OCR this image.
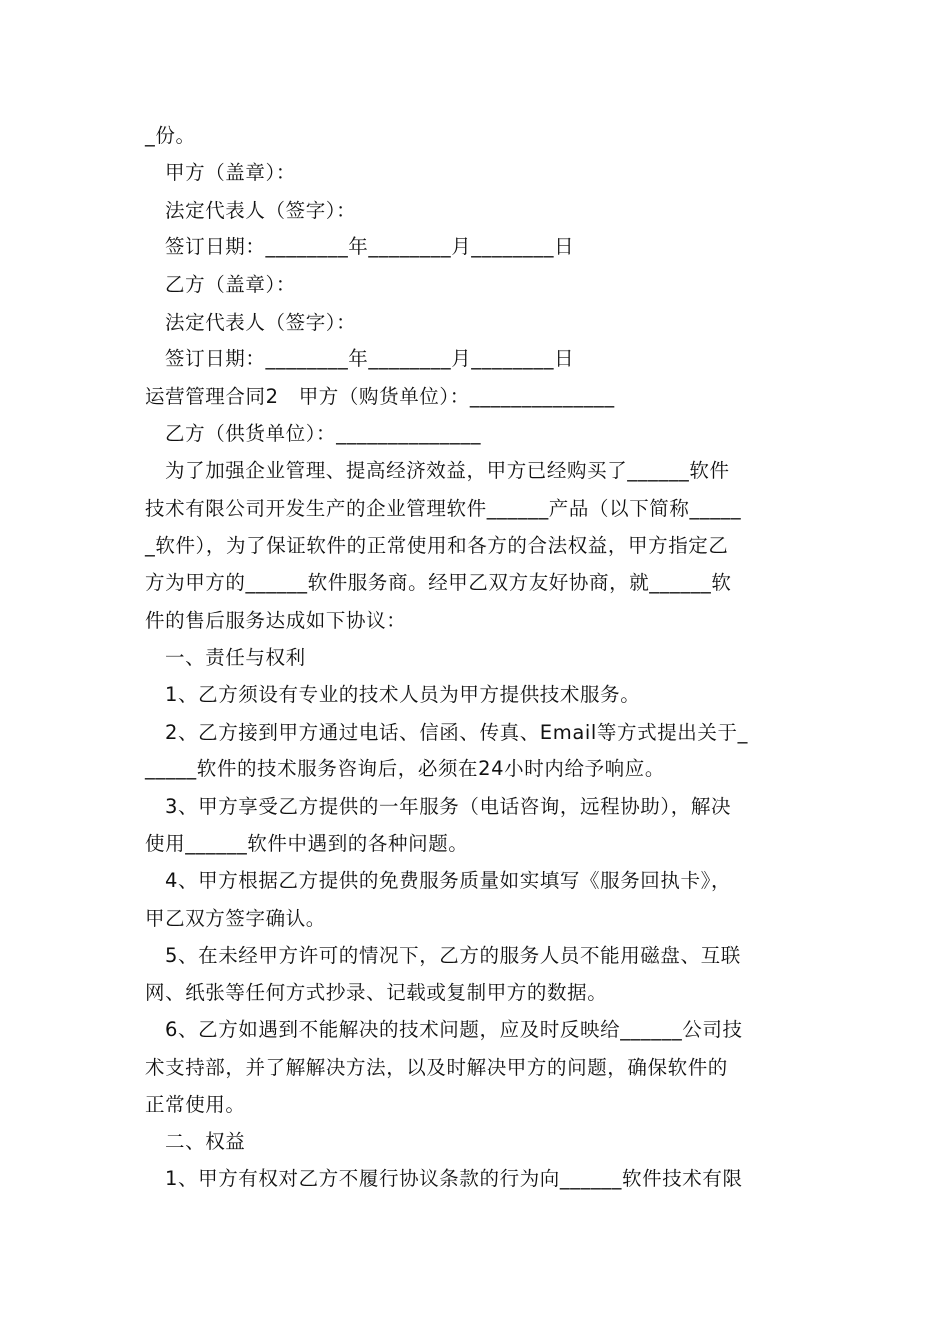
_份。
甲方（盖章）：
法定代表人（签字）：
签订日期：________年________月________日
乙方（盖章）：
法定代表人（签字）：
签订日期：________年________月________日
运营管理合同2　甲方（购货单位）：______________
乙方（供货单位）：______________
为了加强企业管理、提高经济效益，甲方已经购买了______软件
技术有限公司开发生产的企业管理软件______产品（以下简称_____
_软件），为了保证软件的正常使用和各方的合法权益，甲方指定乙
方为甲方的______软件服务商。经甲乙双方友好协商，就______软
件的售后服务达成如下协议：
一、责任与权利
1、乙方须设有专业的技术人员为甲方提供技术服务。
2、乙方接到甲方通过电话、信函、传真、Email等方式提出关于_
_____软件的技术服务咨询后，必须在24小时内给予响应。
3、甲方享受乙方提供的一年服务（电话咨询，远程协助），解决
使用______软件中遇到的各种问题。
4、甲方根据乙方提供的免费服务质量如实填写《服务回执卡》，
甲乙双方签字确认。
5、在未经甲方许可的情况下，乙方的服务人员不能用磁盘、互联
网、纸张等任何方式抄录、记载或复制甲方的数据。
6、乙方如遇到不能解决的技术问题，应及时反映给______公司技
术支持部，并了解解决方法，以及时解决甲方的问题，确保软件的
正常使用。
二、权益
1、甲方有权对乙方不履行协议条款的行为向______软件技术有限
